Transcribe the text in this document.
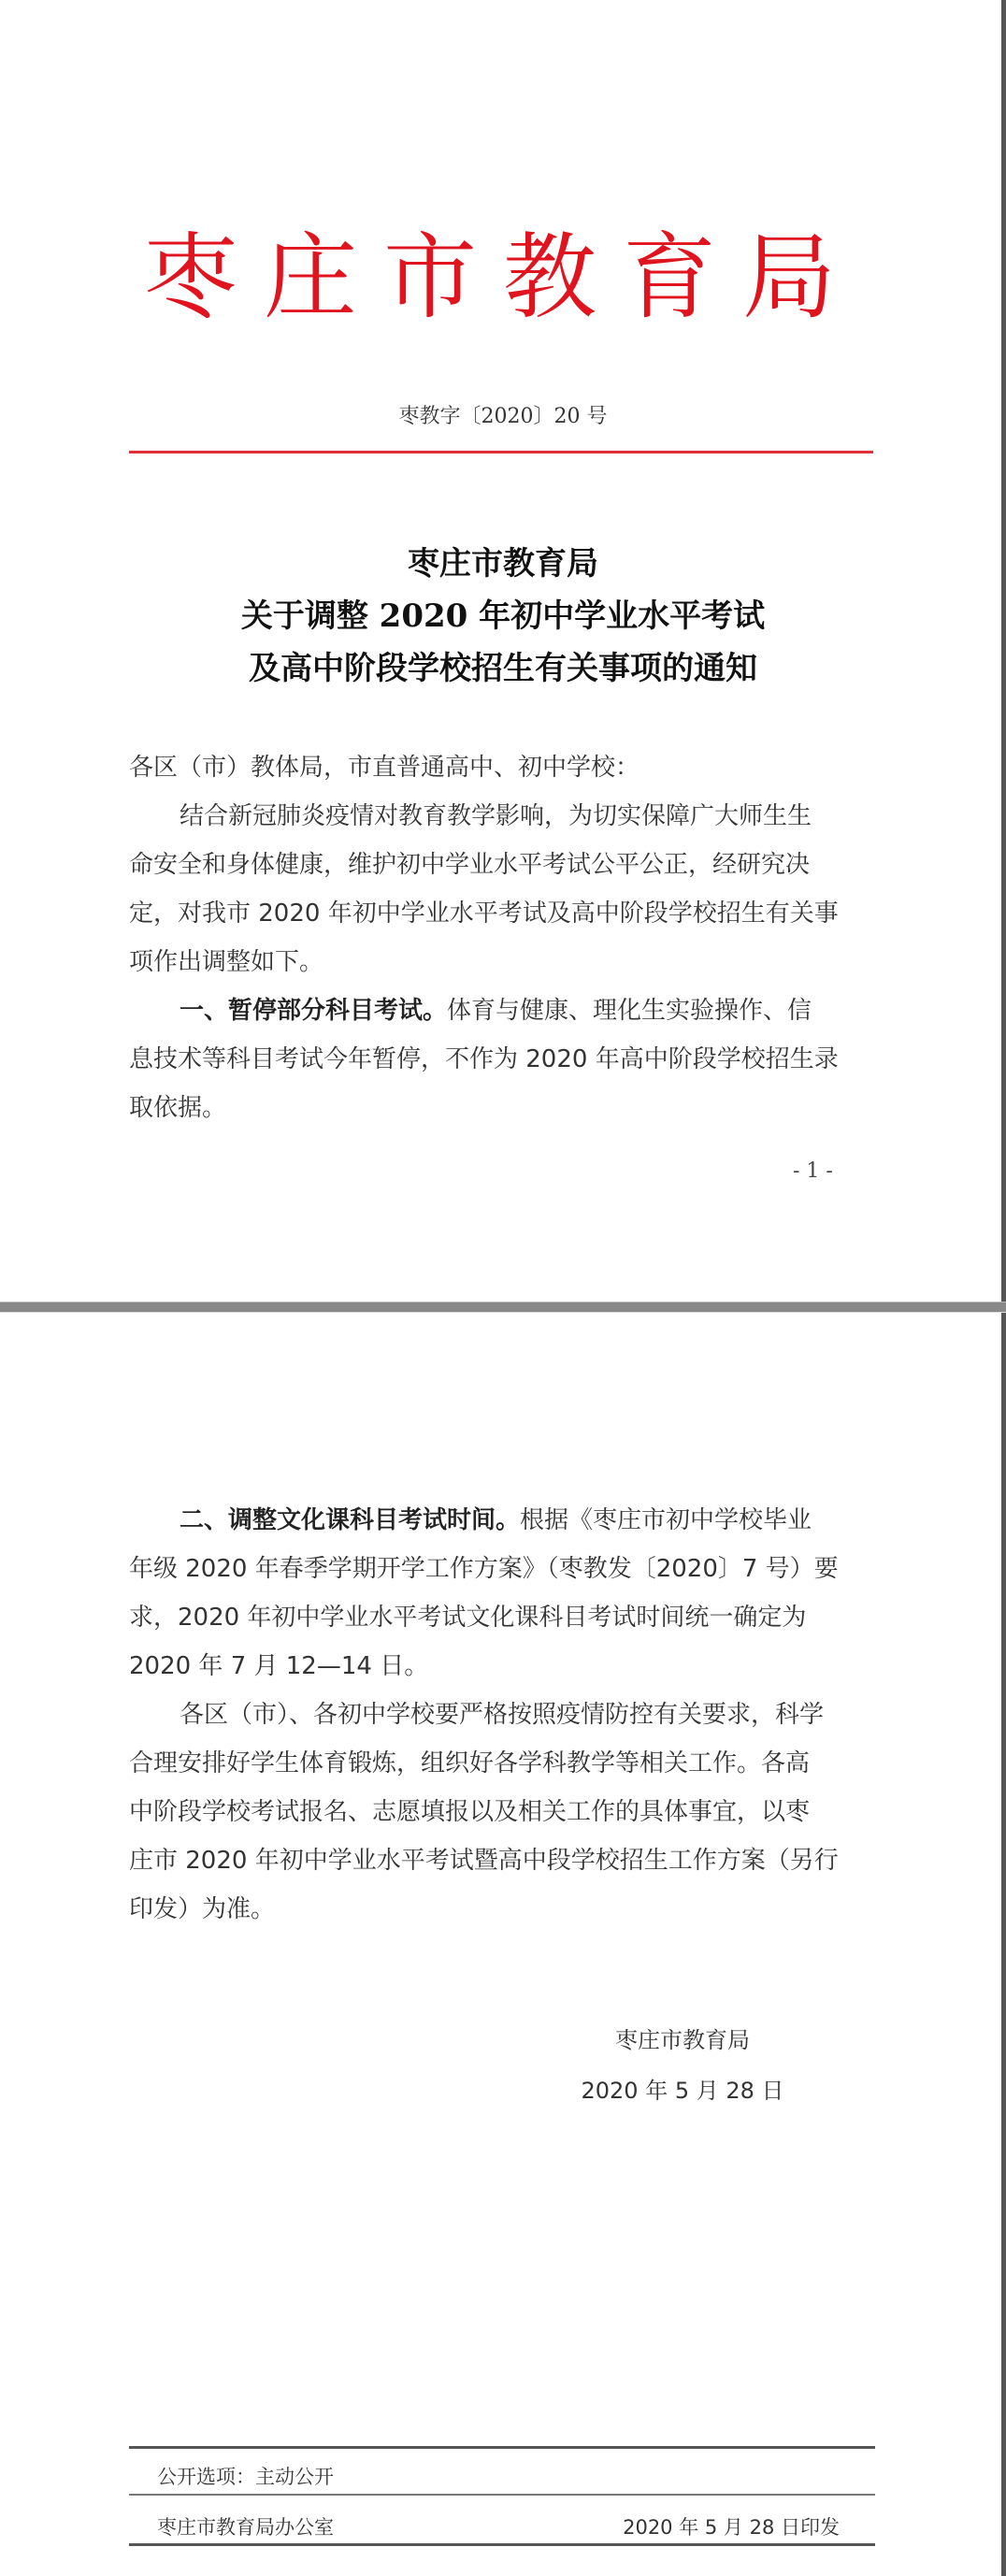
枣庄市教育局
枣教字〔2020〕20 号
枣庄市教育局
关于调整 2020 年初中学业水平考试
及高中阶段学校招生有关事项的通知
各区（市）教体局，市直普通高中、初中学校：
结合新冠肺炎疫情对教育教学影响，为切实保障广大师生生
命安全和身体健康，维护初中学业水平考试公平公正，经研究决
定，对我市 2020 年初中学业水平考试及高中阶段学校招生有关事
项作出调整如下。
一、暂停部分科目考试。体育与健康、理化生实验操作、信
息技术等科目考试今年暂停，不作为 2020 年高中阶段学校招生录
取依据。
- 1 -
二、调整文化课科目考试时间。根据《枣庄市初中学校毕业
年级 2020 年春季学期开学工作方案》（枣教发〔2020〕7 号）要
求，2020 年初中学业水平考试文化课科目考试时间统一确定为
2020 年 7 月 12—14 日。
各区（市）、各初中学校要严格按照疫情防控有关要求，科学
合理安排好学生体育锻炼，组织好各学科教学等相关工作。各高
中阶段学校考试报名、志愿填报以及相关工作的具体事宜，以枣
庄市 2020 年初中学业水平考试暨高中段学校招生工作方案（另行
印发）为准。
枣庄市教育局
2020 年 5 月 28 日
公开选项：主动公开
枣庄市教育局办公室	2020 年 5 月 28 日印发
